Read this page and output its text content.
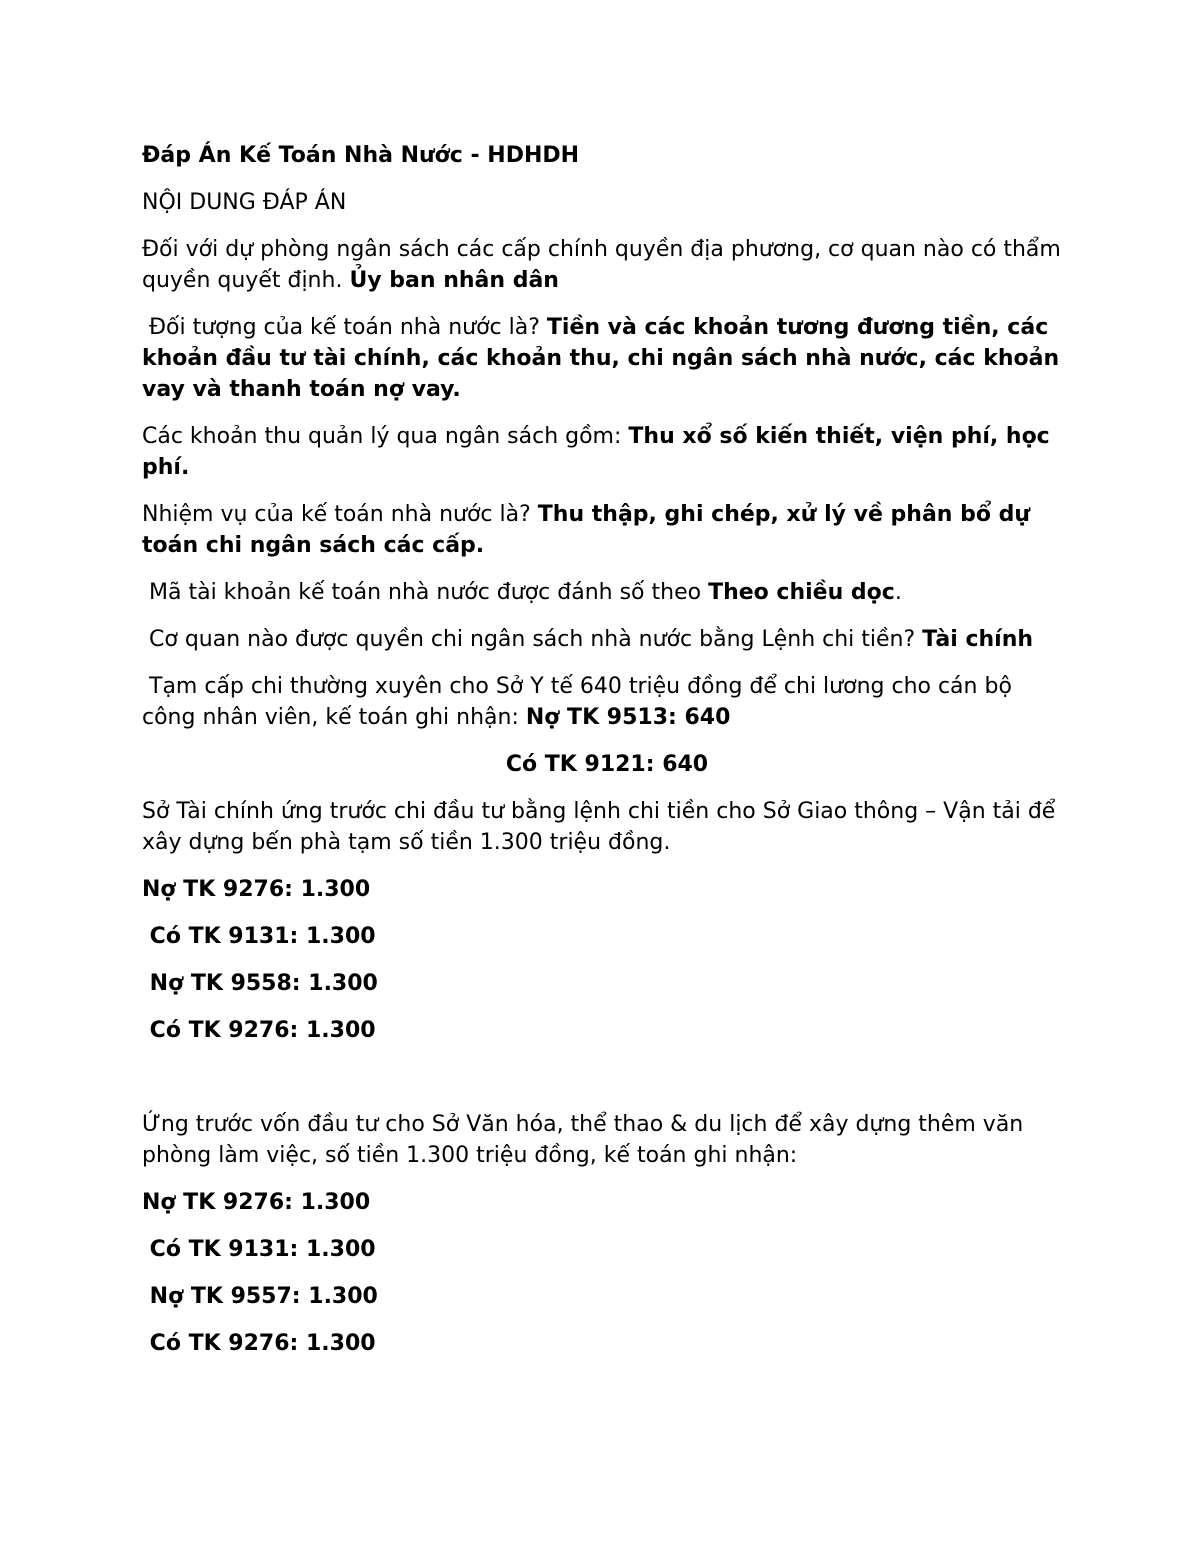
Đáp Án Kế Toán Nhà Nước - HDHDH

NỘI DUNG ĐÁP ÁN

Đối với dự phòng ngân sách các cấp chính quyền địa phương, cơ quan nào có thẩm quyền quyết định. Ủy ban nhân dân

Đối tượng của kế toán nhà nước là? Tiền và các khoản tương đương tiền, các khoản đầu tư tài chính, các khoản thu, chi ngân sách nhà nước, các khoản vay và thanh toán nợ vay.

Các khoản thu quản lý qua ngân sách gồm: Thu xổ số kiến thiết, viện phí, học phí.

Nhiệm vụ của kế toán nhà nước là? Thu thập, ghi chép, xử lý về phân bổ dự toán chi ngân sách các cấp.

Mã tài khoản kế toán nhà nước được đánh số theo Theo chiều dọc.

Cơ quan nào được quyền chi ngân sách nhà nước bằng Lệnh chi tiền? Tài chính

Tạm cấp chi thường xuyên cho Sở Y tế 640 triệu đồng để chi lương cho cán bộ công nhân viên, kế toán ghi nhận: Nợ TK 9513: 640

Có TK 9121: 640

Sở Tài chính ứng trước chi đầu tư bằng lệnh chi tiền cho Sở Giao thông – Vận tải để xây dựng bến phà tạm số tiền 1.300 triệu đồng.

Nợ TK 9276: 1.300

Có TK 9131: 1.300

Nợ TK 9558: 1.300

Có TK 9276: 1.300

Ứng trước vốn đầu tư cho Sở Văn hóa, thể thao & du lịch để xây dựng thêm văn phòng làm việc, số tiền 1.300 triệu đồng, kế toán ghi nhận:

Nợ TK 9276: 1.300

Có TK 9131: 1.300

Nợ TK 9557: 1.300

Có TK 9276: 1.300
